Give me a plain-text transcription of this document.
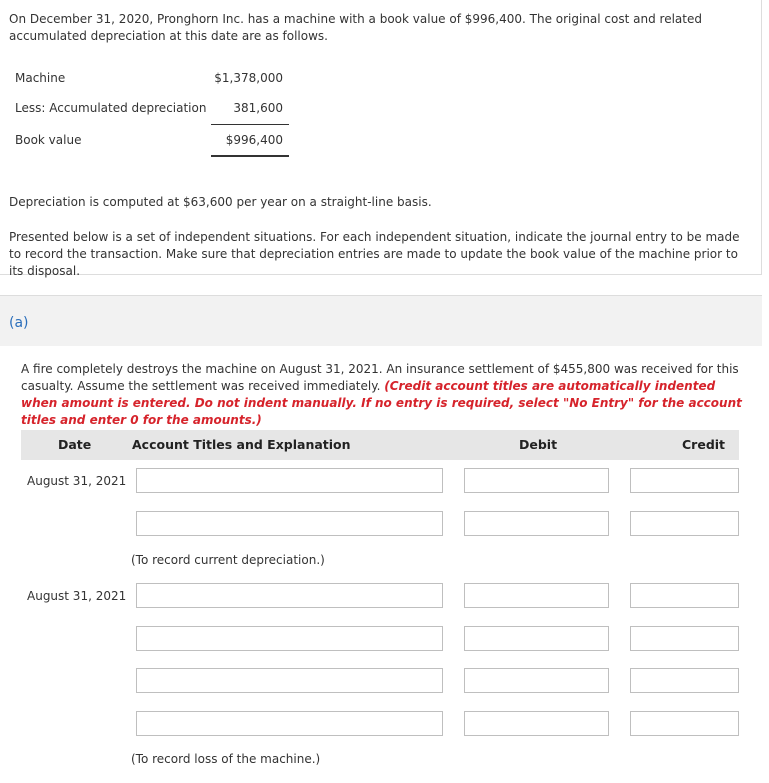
On December 31, 2020, Pronghorn Inc. has a machine with a book value of $996,400. The original cost and related accumulated depreciation at this date are as follows.
Machine	$1,378,000
Less: Accumulated depreciation	381,600
Book value	$996,400
Depreciation is computed at $63,600 per year on a straight-line basis.
Presented below is a set of independent situations. For each independent situation, indicate the journal entry to be made to record the transaction. Make sure that depreciation entries are made to update the book value of the machine prior to its disposal.
(a)
A fire completely destroys the machine on August 31, 2021. An insurance settlement of $455,800 was received for this casualty. Assume the settlement was received immediately. (Credit account titles are automatically indented when amount is entered. Do not indent manually. If no entry is required, select "No Entry" for the account titles and enter 0 for the amounts.)
Date	Account Titles and Explanation	Debit	Credit
August 31, 2021
(To record current depreciation.)
August 31, 2021
(To record loss of the machine.)
